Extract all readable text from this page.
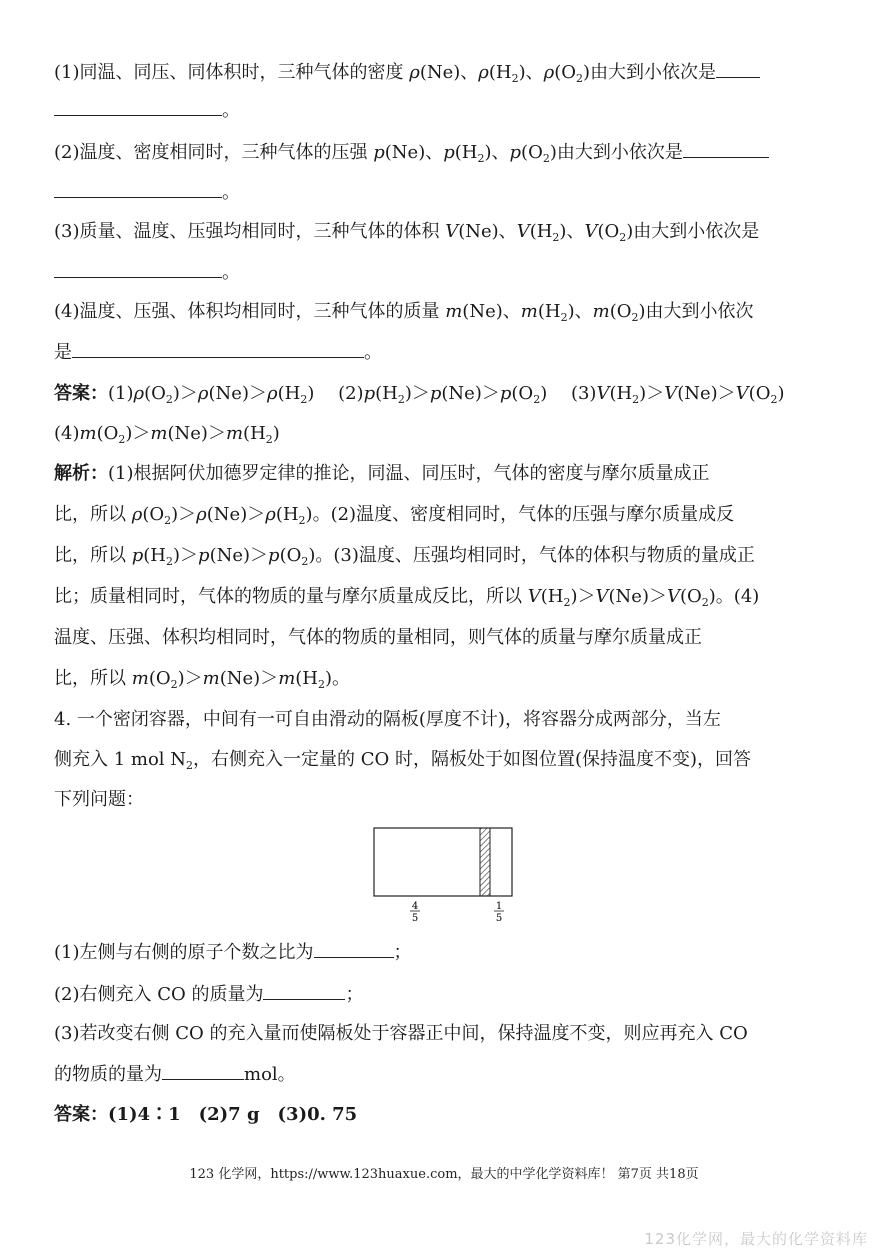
(1)同温、同压、同体积时，三种气体的密度 ρ(Ne)、$\rho(H_2)$、$\rho(O_2)$由大到小依次是
。
(2)温度、密度相同时，三种气体的压强 p(Ne)、$p(H_2)$、$p(O_2)$由大到小依次是
。
(3)质量、温度、压强均相同时，三种气体的体积 V(Ne)、$V(H_2)$、$V(O_2)$由大到小依次是
。
(4)温度、压强、体积均相同时，三种气体的质量 m(Ne)、$m(H_2)$、$m(O_2)$由大到小依次
是	。
答案：$(1)\rho(O_2)>\rho(Ne)>\rho(H_2)$　 $(2)p(H_2)>p(Ne)>p(O_2)$　 $(3)V(H_2)>V(Ne)>V(O_2)$
$(4)m(O_2)>m(Ne)>m(H_2)$
解析：(1)根据阿伏加德罗定律的推论，同温、同压时，气体的密度与摩尔质量成正
比，所以 $\rho(O_2)>\rho(Ne)>\rho(H_2)$。(2)温度、密度相同时，气体的压强与摩尔质量成反
比，所以 $p(H_2)>p(Ne)>p(O_2)$。(3)温度、压强均相同时，气体的体积与物质的量成正
比；质量相同时，气体的物质的量与摩尔质量成反比，所以 $V(H_2)>V(Ne)>V(O_2)$。(4)
温度、压强、体积均相同时，气体的物质的量相同，则气体的质量与摩尔质量成正
比，所以 $m(O_2)>m(Ne)>m(H_2)$。
4. 一个密闭容器，中间有一可自由滑动的隔板(厚度不计)，将容器分成两部分，当左
侧充入 1 mol $N_2$，右侧充入一定量的 CO 时，隔板处于如图位置(保持温度不变)，回答
下列问题：
4
5
1
5
(1)左侧与右侧的原子个数之比为	；
(2)右侧充入 CO 的质量为	；
(3)若改变右侧 CO 的充入量而使隔板处于容器正中间，保持温度不变，则应再充入 CO
的物质的量为	mol。
答案：(1)4∶1　(2)7 g　(3)0. 75
123 化学网，https://www.123huaxue.com，最大的中学化学资料库！ 第7页 共18页
123化学网，最大的化学资料库
